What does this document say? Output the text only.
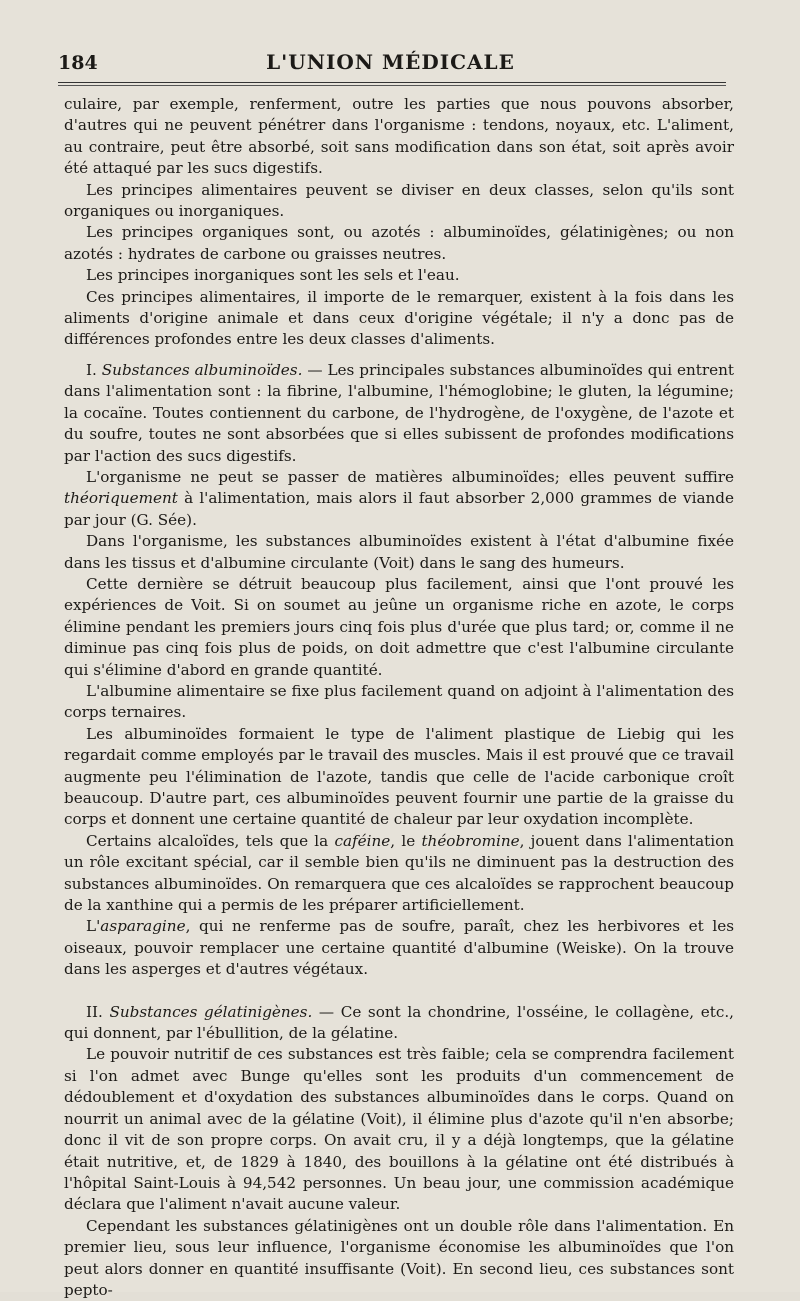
184	L'UNION MÉDICALE

culaire, par exemple, renferment, outre les parties que nous pouvons absorber, d'autres qui ne peuvent pénétrer dans l'organisme : tendons, noyaux, etc. L'aliment, au contraire, peut être absorbé, soit sans modification dans son état, soit après avoir été attaqué par les sucs digestifs.

Les principes alimentaires peuvent se diviser en deux classes, selon qu'ils sont organiques ou inorganiques.

Les principes organiques sont, ou azotés : albuminoïdes, gélatinigènes; ou non azotés : hydrates de carbone ou graisses neutres.

Les principes inorganiques sont les sels et l'eau.

Ces principes alimentaires, il importe de le remarquer, existent à la fois dans les aliments d'origine animale et dans ceux d'origine végétale; il n'y a donc pas de différences profondes entre les deux classes d'aliments.

I. Substances albuminoïdes. — Les principales substances albuminoïdes qui entrent dans l'alimentation sont : la fibrine, l'albumine, l'hémoglobine; le gluten, la légumine; la cocaïne. Toutes contiennent du carbone, de l'hydrogène, de l'oxygène, de l'azote et du soufre, toutes ne sont absorbées que si elles subissent de profondes modifications par l'action des sucs digestifs.

L'organisme ne peut se passer de matières albuminoïdes; elles peuvent suffire théoriquement à l'alimentation, mais alors il faut absorber 2,000 grammes de viande par jour (G. Sée).

Dans l'organisme, les substances albuminoïdes existent à l'état d'albumine fixée dans les tissus et d'albumine circulante (Voit) dans le sang des humeurs.

Cette dernière se détruit beaucoup plus facilement, ainsi que l'ont prouvé les expériences de Voit. Si on soumet au jeûne un organisme riche en azote, le corps élimine pendant les premiers jours cinq fois plus d'urée que plus tard; or, comme il ne diminue pas cinq fois plus de poids, on doit admettre que c'est l'albumine circulante qui s'élimine d'abord en grande quantité.

L'albumine alimentaire se fixe plus facilement quand on adjoint à l'alimentation des corps ternaires.

Les albuminoïdes formaient le type de l'aliment plastique de Liebig qui les regardait comme employés par le travail des muscles. Mais il est prouvé que ce travail augmente peu l'élimination de l'azote, tandis que celle de l'acide carbonique croît beaucoup. D'autre part, ces albuminoïdes peuvent fournir une partie de la graisse du corps et donnent une certaine quantité de chaleur par leur oxydation incomplète.

Certains alcaloïdes, tels que la caféine, le théobromine, jouent dans l'alimentation un rôle excitant spécial, car il semble bien qu'ils ne diminuent pas la destruction des substances albuminoïdes. On remarquera que ces alcaloïdes se rapprochent beaucoup de la xanthine qui a permis de les préparer artificiellement.

L'asparagine, qui ne renferme pas de soufre, paraît, chez les herbivores et les oiseaux, pouvoir remplacer une certaine quantité d'albumine (Weiske). On la trouve dans les asperges et d'autres végétaux.

II. Substances gélatinigènes. — Ce sont la chondrine, l'osséine, le collagène, etc., qui donnent, par l'ébullition, de la gélatine.

Le pouvoir nutritif de ces substances est très faible; cela se comprendra facilement si l'on admet avec Bunge qu'elles sont les produits d'un commencement de dédoublement et d'oxydation des substances albuminoïdes dans le corps. Quand on nourrit un animal avec de la gélatine (Voit), il élimine plus d'azote qu'il n'en absorbe; donc il vit de son propre corps. On avait cru, il y a déjà longtemps, que la gélatine était nutritive, et, de 1829 à 1840, des bouillons à la gélatine ont été distribués à l'hôpital Saint-Louis à 94,542 personnes. Un beau jour, une commission académique déclara que l'aliment n'avait aucune valeur.

Cependant les substances gélatinigènes ont un double rôle dans l'alimentation. En premier lieu, sous leur influence, l'organisme économise les albuminoïdes que l'on peut alors donner en quantité insuffisante (Voit). En second lieu, ces substances sont pepto-
